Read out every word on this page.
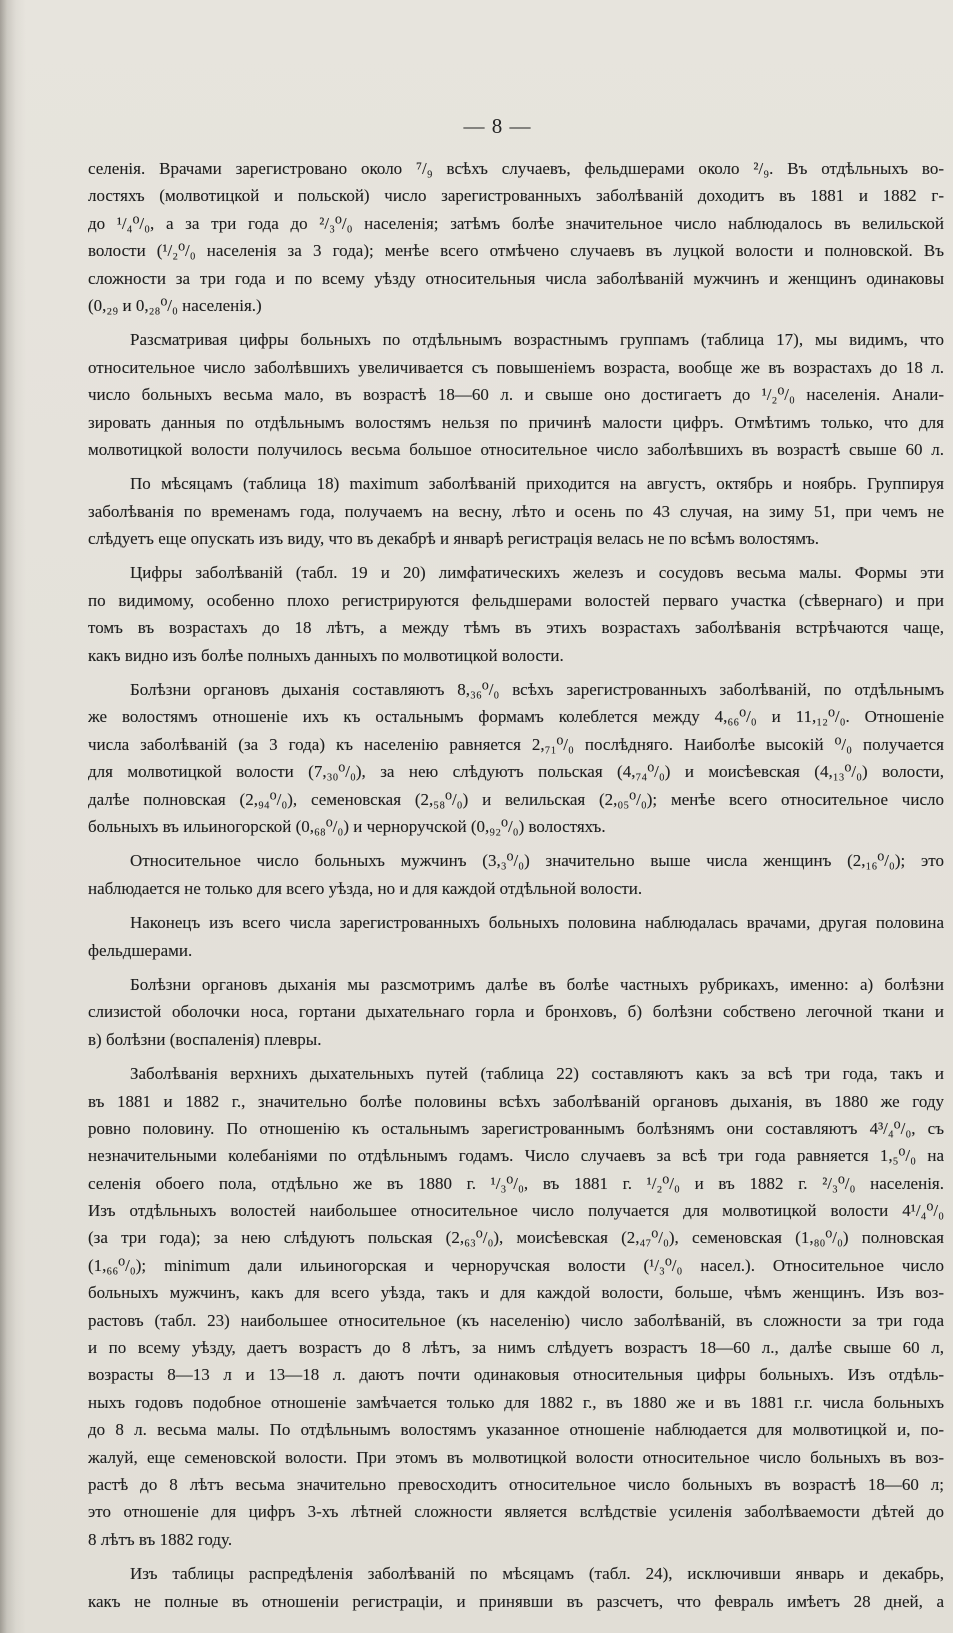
— 8 —
селенія. Врачами зарегистровано около ⁷/₉ всѣхъ случаевъ, фельдшерами около ²/₉. Въ отдѣльныхъ во-
лостяхъ (молвотицкой и польской) число зарегистрованныхъ заболѣваній доходитъ въ 1881 и 1882 г-
до ¹/₄⁰/₀, а за три года до ²/₃⁰/₀ населенія; затѣмъ болѣе значительное число наблюдалось въ велильской
волости (¹/₂⁰/₀ населенія за 3 года); менѣе всего отмѣчено случаевъ въ луцкой волости и полновской. Въ
сложности за три года и по всему уѣзду относительныя числа заболѣваній мужчинъ и женщинъ одинаковы
(0,₂₉ и 0,₂₈⁰/₀ населенія.)
Разсматривая цифры больныхъ по отдѣльнымъ возрастнымъ группамъ (таблица 17), мы видимъ, что
относительное число заболѣвшихъ увеличивается съ повышеніемъ возраста, вообще же въ возрастахъ до 18 л.
число больныхъ весьма мало, въ возрастѣ 18—60 л. и свыше оно достигаетъ до ¹/₂⁰/₀ населенія. Анали-
зировать данныя по отдѣльнымъ волостямъ нельзя по причинѣ малости цифръ. Отмѣтимъ только, что для
молвотицкой волости получилось весьма большое относительное число заболѣвшихъ въ возрастѣ свыше 60 л.
По мѣсяцамъ (таблица 18) maximum заболѣваній приходится на августъ, октябрь и ноябрь. Группируя
заболѣванія по временамъ года, получаемъ на весну, лѣто и осень по 43 случая, на зиму 51, при чемъ не
слѣдуетъ еще опускать изъ виду, что въ декабрѣ и январѣ регистрація велась не по всѣмъ волостямъ.
Цифры заболѣваній (табл. 19 и 20) лимфатическихъ железъ и сосудовъ весьма малы. Формы эти
по видимому, особенно плохо регистрируются фельдшерами волостей перваго участка (сѣвернаго) и при
томъ въ возрастахъ до 18 лѣтъ, а между тѣмъ въ этихъ возрастахъ заболѣванія встрѣчаются чаще,
какъ видно изъ болѣе полныхъ данныхъ по молвотицкой волости.
Болѣзни органовъ дыханія составляютъ 8,₃₆⁰/₀ всѣхъ зарегистрованныхъ заболѣваній, по отдѣльнымъ
же волостямъ отношеніе ихъ къ остальнымъ формамъ колеблется между 4,₆₆⁰/₀ и 11,₁₂⁰/₀. Отношеніе
числа заболѣваній (за 3 года) къ населенію равняется 2,₇₁⁰/₀ послѣдняго. Наиболѣе высокій ⁰/₀ получается
для молвотицкой волости (7,₃₀⁰/₀), за нею слѣдуютъ польская (4,₇₄⁰/₀) и моисѣевская (4,₁₃⁰/₀) волости,
далѣе полновская (2,₉₄⁰/₀), семеновская (2,₅₈⁰/₀) и велильская (2,₀₅⁰/₀); менѣе всего относительное число
больныхъ въ ильиногорской (0,₆₈⁰/₀) и черноручской (0,₉₂⁰/₀) волостяхъ.
Относительное число больныхъ мужчинъ (3,₃⁰/₀) значительно выше числа женщинъ (2,₁₆⁰/₀); это
наблюдается не только для всего уѣзда, но и для каждой отдѣльной волости.
Наконецъ изъ всего числа зарегистрованныхъ больныхъ половина наблюдалась врачами, другая половина
фельдшерами.
Болѣзни органовъ дыханія мы разсмотримъ далѣе въ болѣе частныхъ рубрикахъ, именно: а) болѣзни
слизистой оболочки носа, гортани дыхательнаго горла и бронховъ, б) болѣзни собствено легочной ткани и
в) болѣзни (воспаленія) плевры.
Заболѣванія верхнихъ дыхательныхъ путей (таблица 22) составляютъ какъ за всѣ три года, такъ и
въ 1881 и 1882 г., значительно болѣе половины всѣхъ заболѣваній органовъ дыханія, въ 1880 же году
ровно половину. По отношенію къ остальнымъ зарегистрованнымъ болѣзнямъ они составляютъ 4³/₄⁰/₀, съ
незначительными колебаніями по отдѣльнымъ годамъ. Число случаевъ за всѣ три года равняется 1,₅⁰/₀ на
селенія обоего пола, отдѣльно же въ 1880 г. ¹/₃⁰/₀, въ 1881 г. ¹/₂⁰/₀ и въ 1882 г. ²/₃⁰/₀ населенія.
Изъ отдѣльныхъ волостей наибольшее относительное число получается для молвотицкой волости 4¹/₄⁰/₀
(за три года); за нею слѣдуютъ польская (2,₆₃⁰/₀), моисѣевская (2,₄₇⁰/₀), семеновская (1,₈₀⁰/₀) полновская
(1,₆₆⁰/₀); minimum дали ильиногорская и черноручская волости (¹/₃⁰/₀ насел.). Относительное число
больныхъ мужчинъ, какъ для всего уѣзда, такъ и для каждой волости, больше, чѣмъ женщинъ. Изъ воз-
растовъ (табл. 23) наибольшее относительное (къ населенію) число заболѣваній, въ сложности за три года
и по всему уѣзду, даетъ возрастъ до 8 лѣтъ, за нимъ слѣдуетъ возрастъ 18—60 л., далѣе свыше 60 л,
возрасты 8—13 л и 13—18 л. даютъ почти одинаковыя относительныя цифры больныхъ. Изъ отдѣль-
ныхъ годовъ подобное отношеніе замѣчается только для 1882 г., въ 1880 же и въ 1881 г.г. числа больныхъ
до 8 л. весьма малы. По отдѣльнымъ волостямъ указанное отношеніе наблюдается для молвотицкой и, по-
жалуй, еще семеновской волости. При этомъ въ молвотицкой волости относительное число больныхъ въ воз-
растѣ до 8 лѣтъ весьма значительно превосходитъ относительное число больныхъ въ возрастѣ 18—60 л;
это отношеніе для цифръ 3-хъ лѣтней сложности является вслѣдствіе усиленія заболѣваемости дѣтей до
8 лѣтъ въ 1882 году.
Изъ таблицы распредѣленія заболѣваній по мѣсяцамъ (табл. 24), исключивши январь и декабрь,
какъ не полные въ отношеніи регистраціи, и принявши въ разсчетъ, что февраль имѣетъ 28 дней, а
